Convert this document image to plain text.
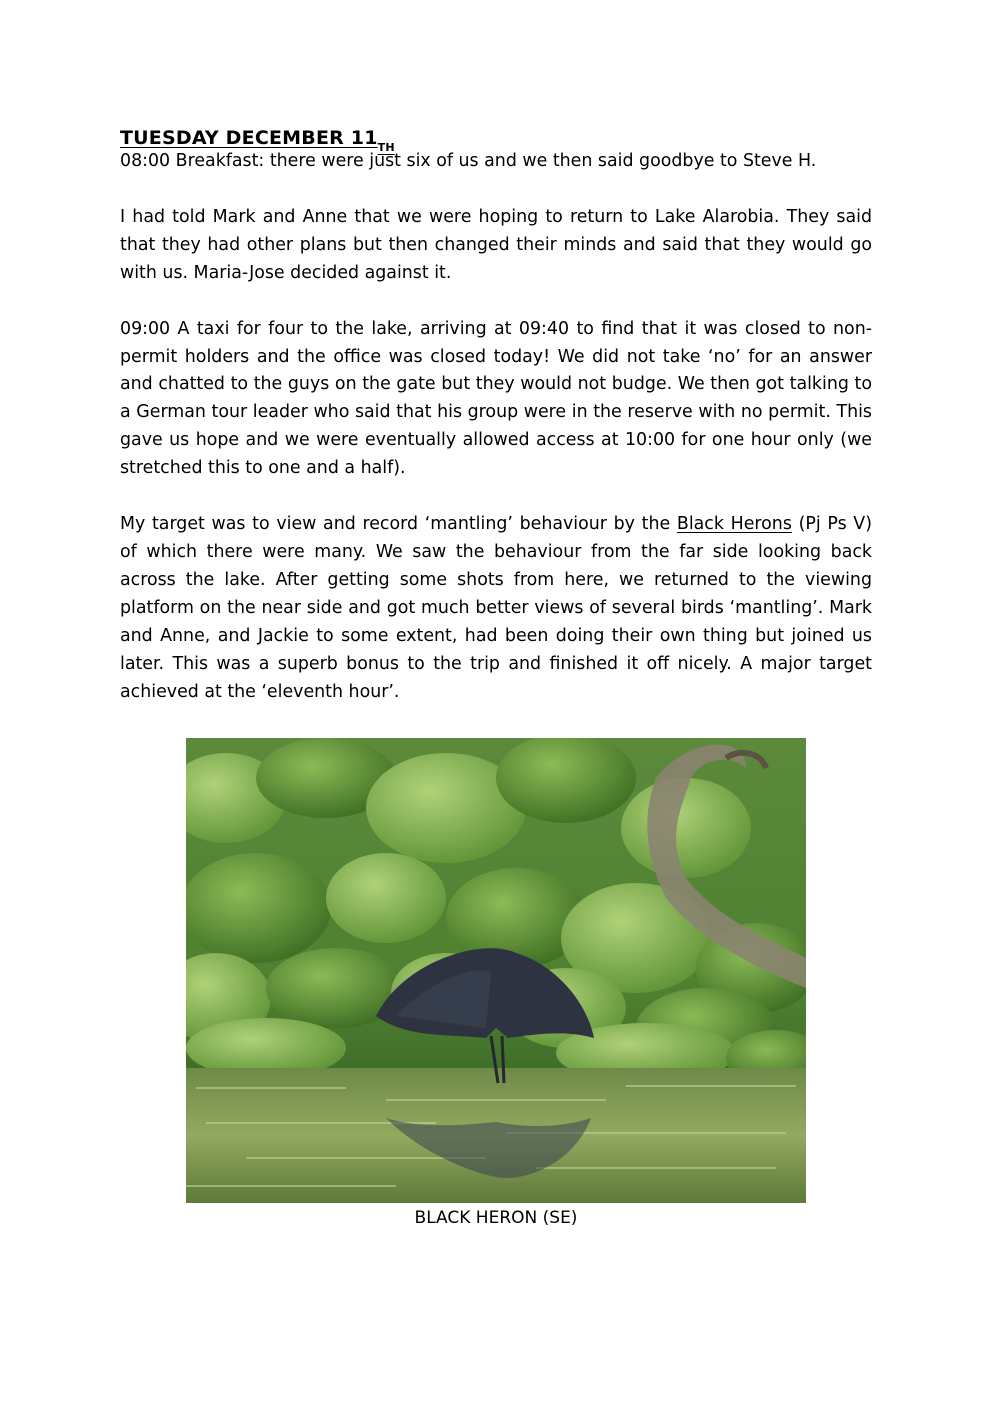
TUESDAY DECEMBER 11 TH

08:00 Breakfast: there were just six of us and we then said goodbye to Steve H.

I had told Mark and Anne that we were hoping to return to Lake Alarobia. They said that they had other plans but then changed their minds and said that they would go with us. Maria-Jose decided against it.

09:00 A taxi for four to the lake, arriving at 09:40 to find that it was closed to non-permit holders and the office was closed today! We did not take ‘no’ for an answer and chatted to the guys on the gate but they would not budge. We then got talking to a German tour leader who said that his group were in the reserve with no permit. This gave us hope and we were eventually allowed access at 10:00 for one hour only (we stretched this to one and a half).

My target was to view and record ‘mantling’ behaviour by the Black Herons (Pj Ps V) of which there were many. We saw the behaviour from the far side looking back across the lake. After getting some shots from here, we returned to the viewing platform on the near side and got much better views of several birds ‘mantling’. Mark and Anne, and Jackie to some extent, had been doing their own thing but joined us later. This was a superb bonus to the trip and finished it off nicely. A major target achieved at the ‘eleventh hour’.

BLACK HERON (SE)
